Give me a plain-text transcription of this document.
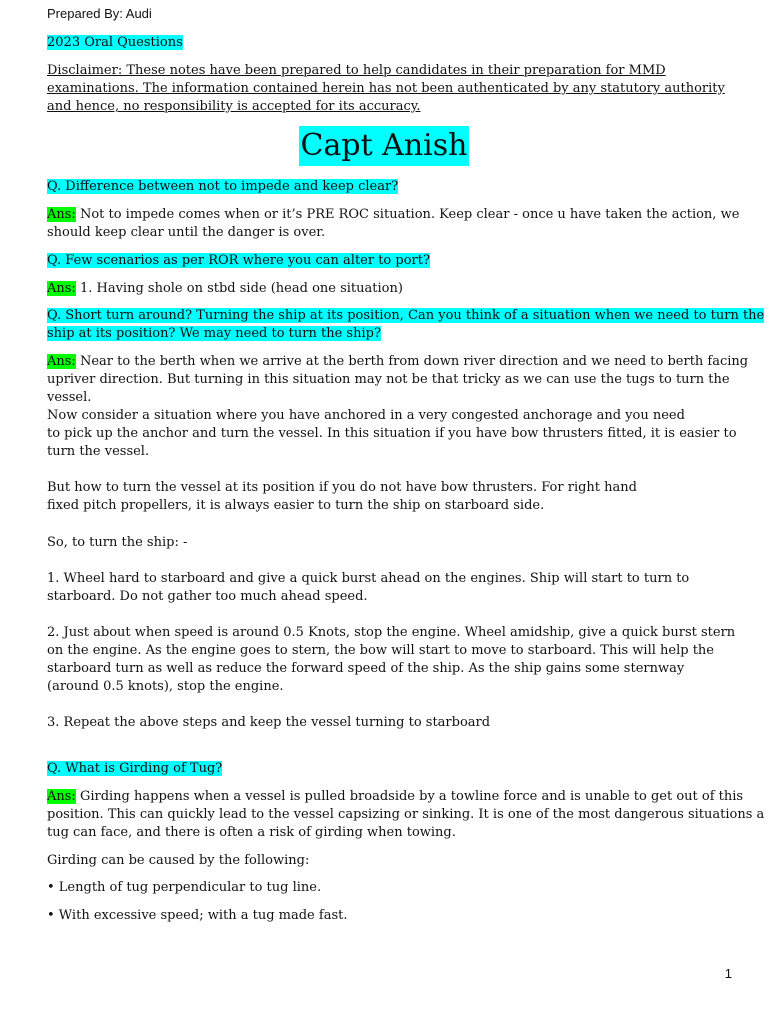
Prepared By: Audi
2023 Oral Questions
Disclaimer: These notes have been prepared to help candidates in their preparation for MMD
examinations. The information contained herein has not been authenticated by any statutory authority
and hence, no responsibility is accepted for its accuracy.
Capt Anish
Q. Difference between not to impede and keep clear?
Ans: Not to impede comes when or it’s PRE ROC situation. Keep clear - once u have taken the action, we
should keep clear until the danger is over.
Q. Few scenarios as per ROR where you can alter to port?
Ans: 1. Having shole on stbd side (head one situation)
Q. Short turn around? Turning the ship at its position, Can you think of a situation when we need to turn the
ship at its position? We may need to turn the ship?
Ans: Near to the berth when we arrive at the berth from down river direction and we need to berth facing
upriver direction. But turning in this situation may not be that tricky as we can use the tugs to turn the
vessel.
Now consider a situation where you have anchored in a very congested anchorage and you need
to pick up the anchor and turn the vessel. In this situation if you have bow thrusters fitted, it is easier to
turn the vessel.
But how to turn the vessel at its position if you do not have bow thrusters. For right hand
fixed pitch propellers, it is always easier to turn the ship on starboard side.
So, to turn the ship: -
1. Wheel hard to starboard and give a quick burst ahead on the engines. Ship will start to turn to
starboard. Do not gather too much ahead speed.
2. Just about when speed is around 0.5 Knots, stop the engine. Wheel amidship, give a quick burst stern
on the engine. As the engine goes to stern, the bow will start to move to starboard. This will help the
starboard turn as well as reduce the forward speed of the ship. As the ship gains some sternway
(around 0.5 knots), stop the engine.
3. Repeat the above steps and keep the vessel turning to starboard
Q. What is Girding of Tug?
Ans: Girding happens when a vessel is pulled broadside by a towline force and is unable to get out of this
position. This can quickly lead to the vessel capsizing or sinking. It is one of the most dangerous situations a
tug can face, and there is often a risk of girding when towing.
Girding can be caused by the following:
• Length of tug perpendicular to tug line.
• With excessive speed; with a tug made fast.
1
